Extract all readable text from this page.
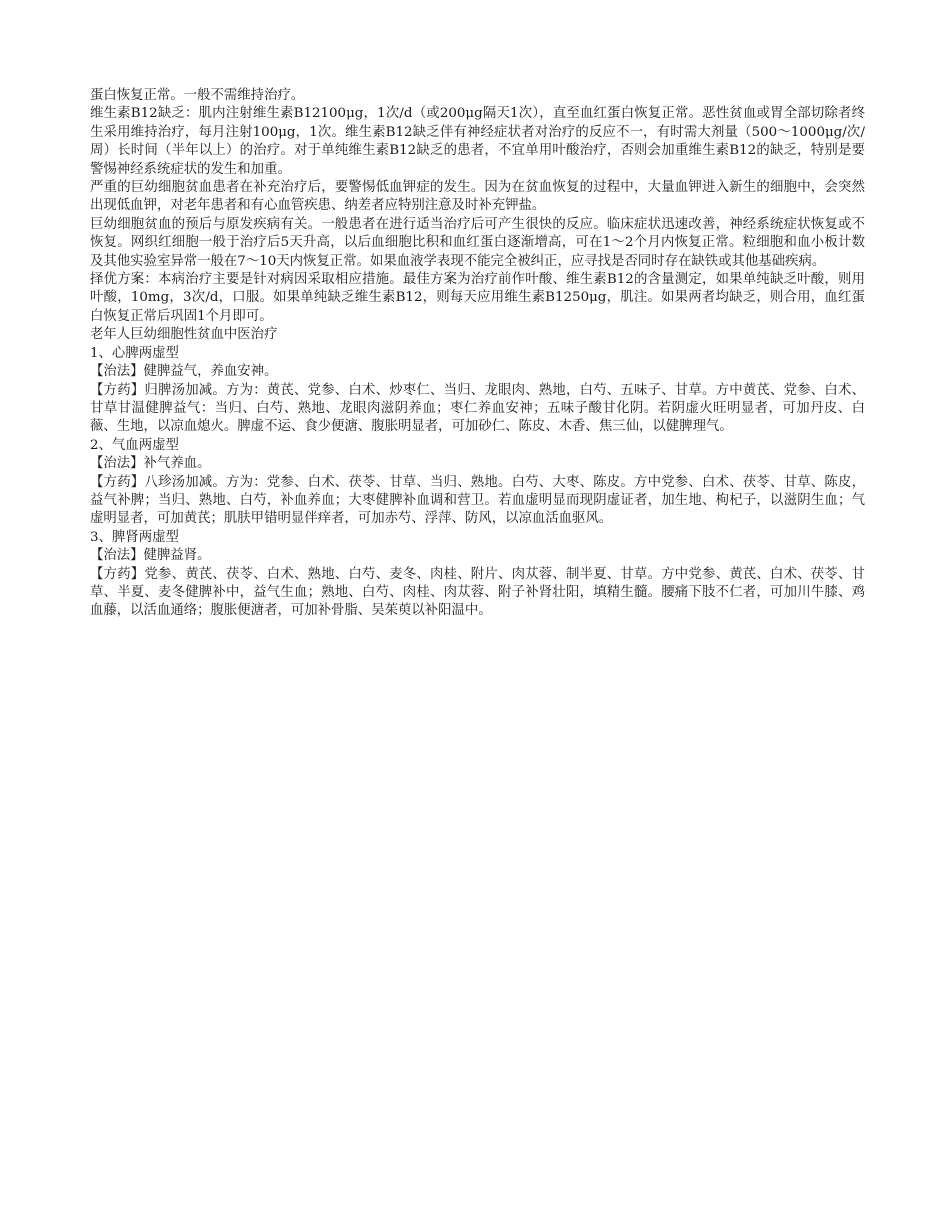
蛋白恢复正常。一般不需维持治疗。

维生素B12缺乏：肌内注射维生素B12100μg，1次/d（或200μg隔天1次），直至血红蛋白恢复正常。恶性贫血或胃全部切除者终生采用维持治疗，每月注射100μg，1次。维生素B12缺乏伴有神经症状者对治疗的反应不一，有时需大剂量（500～1000μg/次/周）长时间（半年以上）的治疗。对于单纯维生素B12缺乏的患者，不宜单用叶酸治疗，否则会加重维生素B12的缺乏，特别是要警惕神经系统症状的发生和加重。

严重的巨幼细胞贫血患者在补充治疗后，要警惕低血钾症的发生。因为在贫血恢复的过程中，大量血钾进入新生的细胞中，会突然出现低血钾，对老年患者和有心血管疾患、纳差者应特别注意及时补充钾盐。

巨幼细胞贫血的预后与原发疾病有关。一般患者在进行适当治疗后可产生很快的反应。临床症状迅速改善，神经系统症状恢复或不恢复。网织红细胞一般于治疗后5天升高，以后血细胞比积和血红蛋白逐渐增高，可在1～2个月内恢复正常。粒细胞和血小板计数及其他实验室异常一般在7～10天内恢复正常。如果血液学表现不能完全被纠正，应寻找是否同时存在缺铁或其他基础疾病。

择优方案：本病治疗主要是针对病因采取相应措施。最佳方案为治疗前作叶酸、维生素B12的含量测定，如果单纯缺乏叶酸，则用叶酸，10mg，3次/d，口服。如果单纯缺乏维生素B12，则每天应用维生素B1250μg，肌注。如果两者均缺乏，则合用，血红蛋白恢复正常后巩固1个月即可。

老年人巨幼细胞性贫血中医治疗

1、心脾两虚型

【治法】健脾益气，养血安神。

【方药】归脾汤加减。方为：黄芪、党参、白术、炒枣仁、当归、龙眼肉、熟地，白芍、五味子、甘草。方中黄芪、党参、白术、甘草甘温健脾益气：当归、白芍、熟地、龙眼肉滋阴养血；枣仁养血安神；五味子酸甘化阴。若阴虚火旺明显者，可加丹皮、白薇、生地，以凉血熄火。脾虚不运、食少便溏、腹胀明显者，可加砂仁、陈皮、木香、焦三仙，以健脾理气。

2、气血两虚型

【治法】补气养血。

【方药】八珍汤加减。方为：党参、白术、茯苓、甘草、当归、熟地。白芍、大枣、陈皮。方中党参、白术、茯苓、甘草、陈皮，益气补脾；当归、熟地、白芍，补血养血；大枣健脾补血调和营卫。若血虚明显而现阴虚证者，加生地、枸杞子，以滋阴生血；气虚明显者，可加黄芪；肌肤甲错明显伴痒者，可加赤芍、浮萍、防风，以凉血活血驱风。

3、脾肾两虚型

【治法】健脾益肾。

【方药】党参、黄芪、茯苓、白术、熟地、白芍、麦冬、肉桂、附片、肉苁蓉、制半夏、甘草。方中党参、黄芪、白术、茯苓、甘草、半夏、麦冬健脾补中，益气生血；熟地、白芍、肉桂、肉苁蓉、附子补肾壮阳，填精生髓。腰痛下肢不仁者，可加川牛膝、鸡血藤，以活血通络；腹胀便溏者，可加补骨脂、吴茱萸以补阳温中。
